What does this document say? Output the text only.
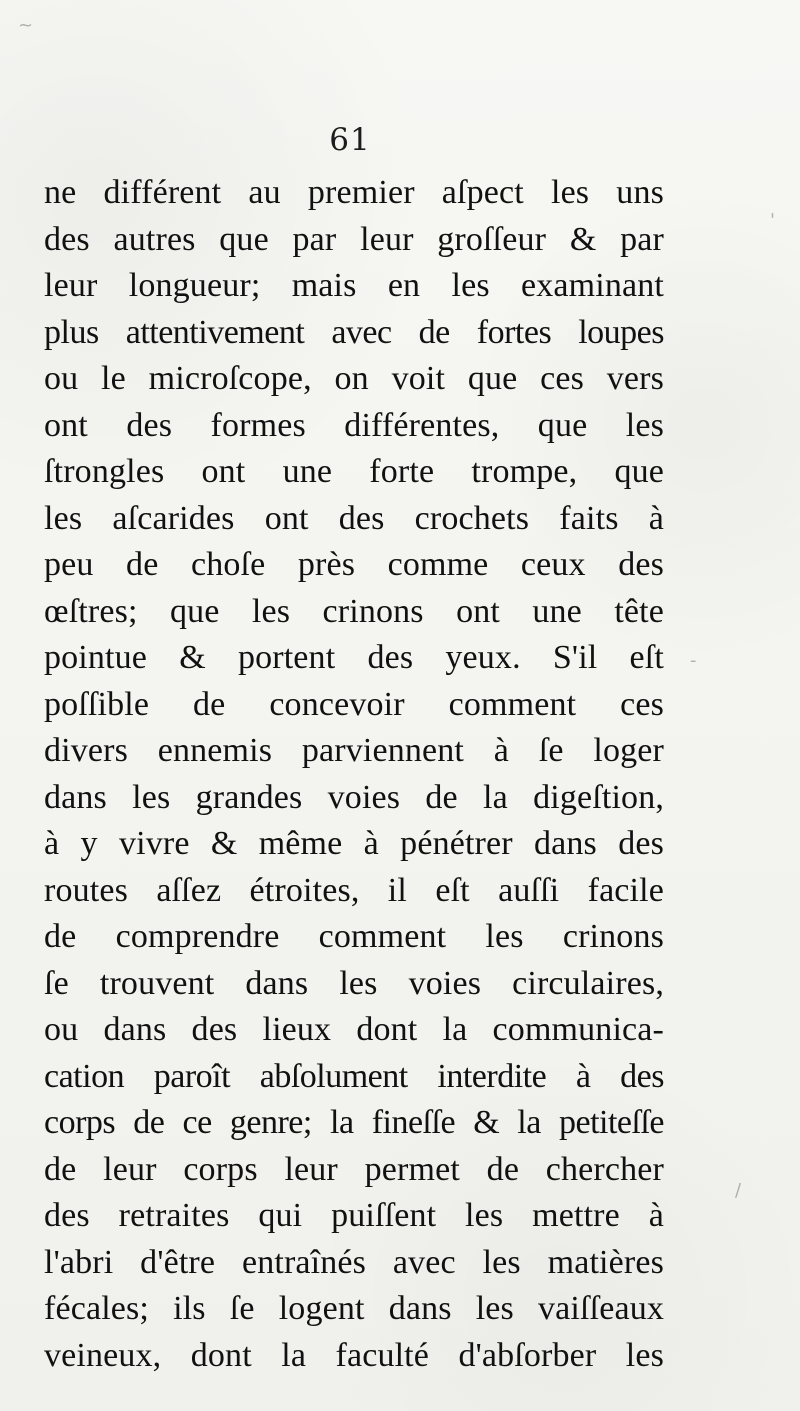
~
'
-
/
61
ne différent au premier aſpect les uns
des autres que par leur groſſeur & par
leur longueur; mais en les examinant
plus attentivement avec de fortes loupes
ou le microſcope, on voit que ces vers
ont des formes différentes, que les
ſtrongles ont une forte trompe, que
les aſcarides ont des crochets faits à
peu de choſe près comme ceux des
œſtres; que les crinons ont une tête
pointue & portent des yeux. S'il eſt
poſſible de concevoir comment ces
divers ennemis parviennent à ſe loger
dans les grandes voies de la digeſtion,
à y vivre & même à pénétrer dans des
routes aſſez étroites, il eſt auſſi facile
de comprendre comment les crinons
ſe trouvent dans les voies circulaires,
ou dans des lieux dont la communica-
cation paroît abſolument interdite à des
corps de ce genre; la fineſſe & la petiteſſe
de leur corps leur permet de chercher
des retraites qui puiſſent les mettre à
l'abri d'être entraînés avec les matières
fécales; ils ſe logent dans les vaiſſeaux
veineux, dont la faculté d'abſorber les
